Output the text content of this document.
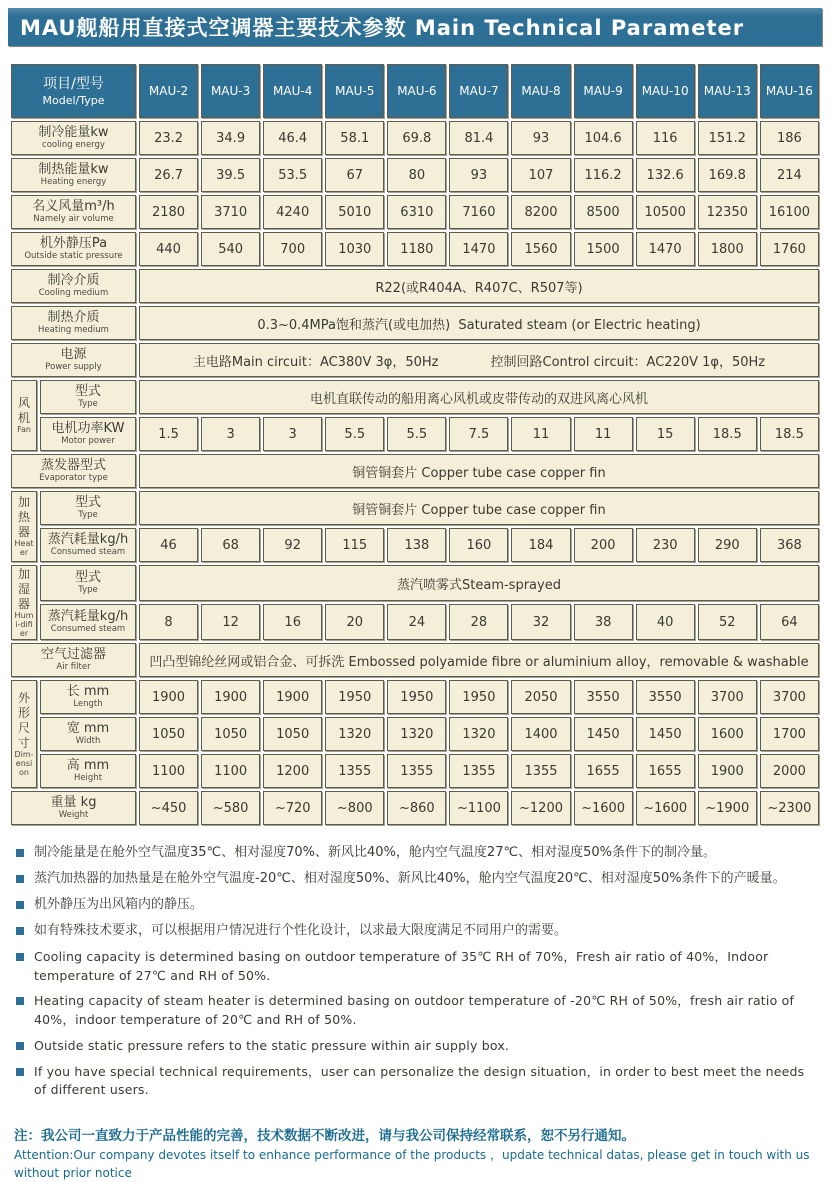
MAU舰船用直接式空调器主要技术参数 Main Technical Parameter
项目/型号
Model/Type		MAU-2	MAU-3	MAU-4	MAU-5	MAU-6	MAU-7	MAU-8	MAU-9	MAU-10	MAU-13	MAU-16

制冷能量kw
cooling energy		23.2	34.9	46.4	58.1	69.8	81.4	93	104.6	116	151.2	186

制热能量kw
Heating energy		26.7	39.5	53.5	67	80	93	107	116.2	132.6	169.8	214

名义风量m³/h
Namely air volume		2180	3710	4240	5010	6310	7160	8200	8500	10500	12350	16100

机外静压Pa
Outside static pressure		440	540	700	1030	1180	1470	1560	1500	1470	1800	1760

制冷介质
Cooling medium		R22(或R404A、R407C、R507等)										

制热介质
Heating medium		0.3~0.4MPa饱和蒸汽(或电加热)  Saturated steam (or Electric heating)										

电源
Power supply		主电路Main circuit：AC380V 3φ，50Hz　　　　控制回路Control circuit：AC220V 1φ，50Hz										

风机
Fan

型式
Type	电机直联传动的船用离心风机或皮带传动的双进风离心风机

	电机功率KW
Motor power	1.5	3	3	5.5	5.5	7.5	11	11	15	18.5	18.5

蒸发器型式
Evaporator type		铜管铜套片 Copper tube case copper fin										

加热器
Heater

型式
Type	铜管铜套片 Copper tube case copper fin

	蒸汽耗量kg/h
Consumed steam	46	68	92	115	138	160	184	200	230	290	368

加湿器
Humi-difier

型式
Type	蒸汽喷雾式Steam-sprayed

	蒸汽耗量kg/h
Consumed steam	8	12	16	20	24	28	32	38	40	52	64

空气过滤器
Air filter		凹凸型锦纶丝网或铝合金、可拆洗 Embossed polyamide fibre or aluminium alloy，removable & washable										

外形尺寸
Dim-ension

长 mm
Length	1900	1900	1900	1950	1950	1950	2050	3550	3550	3700	3700

	宽 mm
Width	1050	1050	1050	1320	1320	1320	1400	1450	1450	1600	1700

	高 mm
Height	1100	1100	1200	1355	1355	1355	1355	1655	1655	1900	2000

重量 kg
Weight		~450	~580	~720	~800	~860	~1100	~1200	~1600	~1600	~1900	~2300
制冷能量是在舱外空气温度35℃、相对湿度70%、新风比40%，舱内空气温度27℃、相对湿度50%条件下的制冷量。
蒸汽加热器的加热量是在舱外空气温度-20℃、相对湿度50%、新风比40%，舱内空气温度20℃、相对湿度50%条件下的产暖量。
机外静压为出风箱内的静压。
如有特殊技术要求，可以根据用户情况进行个性化设计，以求最大限度满足不同用户的需要。
Cooling capacity is determined basing on outdoor temperature of 35℃ RH of 70%，Fresh air ratio of 40%，Indoor temperature of 27℃ and RH of 50%.
Heating capacity of steam heater is determined basing on outdoor temperature of -20℃ RH of 50%，fresh air ratio of 40%，indoor temperature of 20℃ and RH of 50%.
Outside static pressure refers to the static pressure within air supply box.
If you have special technical requirements，user can personalize the design situation，in order to best meet the needs of different users.
注：我公司一直致力于产品性能的完善，技术数据不断改进，请与我公司保持经常联系，恕不另行通知。
Attention:Our company devotes itself to enhance performance of the products ，update technical datas, please get in touch with us without prior notice
